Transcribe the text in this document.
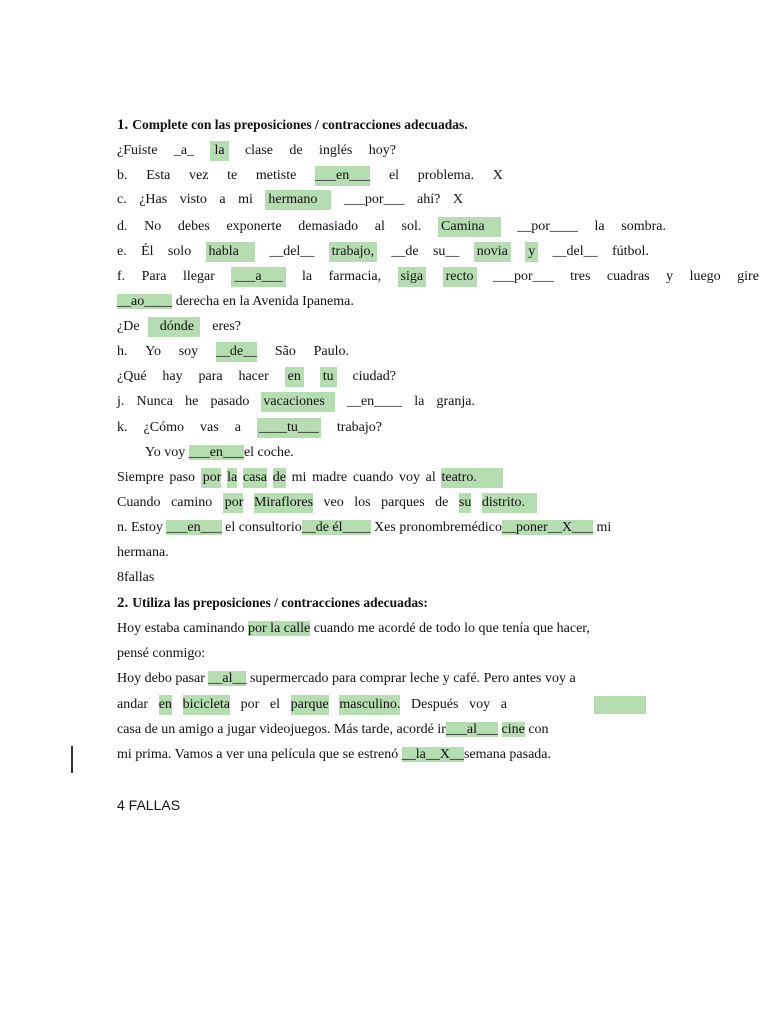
1. Complete con las preposiciones / contracciones adecuadas.
¿Fuiste _a_ la clase de inglés hoy?
b. Esta vez te metiste ___en___ el problema. X
c. ¿Has visto a mi hermano	___por___ ahí? X
d. No debes exponerte demasiado al sol. Camina	__por____ la sombra.
e. Él solo habla	__del__ trabajo, __de su__ novia y __del__ fútbol.
f. Para llegar ___a___ la farmacia, siga recto ___por___ tres cuadras y luego gire
__ao____ derecha en la Avenida Ipanema.
¿De	dónde	eres?
h. Yo soy __de__ São Paulo.
¿Qué hay para hacer en tu ciudad?
j. Nunca he pasado vacaciones	__en____ la granja.
k. ¿Cómo vas a ____tu___ trabajo?
Yo voy ___en___el coche.
Siempre paso por la casa de mi madre cuando voy al teatro.
Cuando camino por Miraflores veo los parques de su distrito.
n. Estoy ___en___ el consultorio__de él____ Xes pronombremédico__poner__X___ mi
hermana.
8fallas
2. Utiliza las preposiciones / contracciones adecuadas:
Hoy estaba caminando por la calle cuando me acordé de todo lo que tenía que hacer,
pensé conmigo:
Hoy debo pasar __al__ supermercado para comprar leche y café. Pero antes voy a
andar en bicicleta por el parque masculino. Después voy a
casa de un amigo a jugar videojuegos. Más tarde, acordé ir___al___ cine con
mi prima. Vamos a ver una película que se estrenó __la__X__semana pasada.
4 FALLAS
